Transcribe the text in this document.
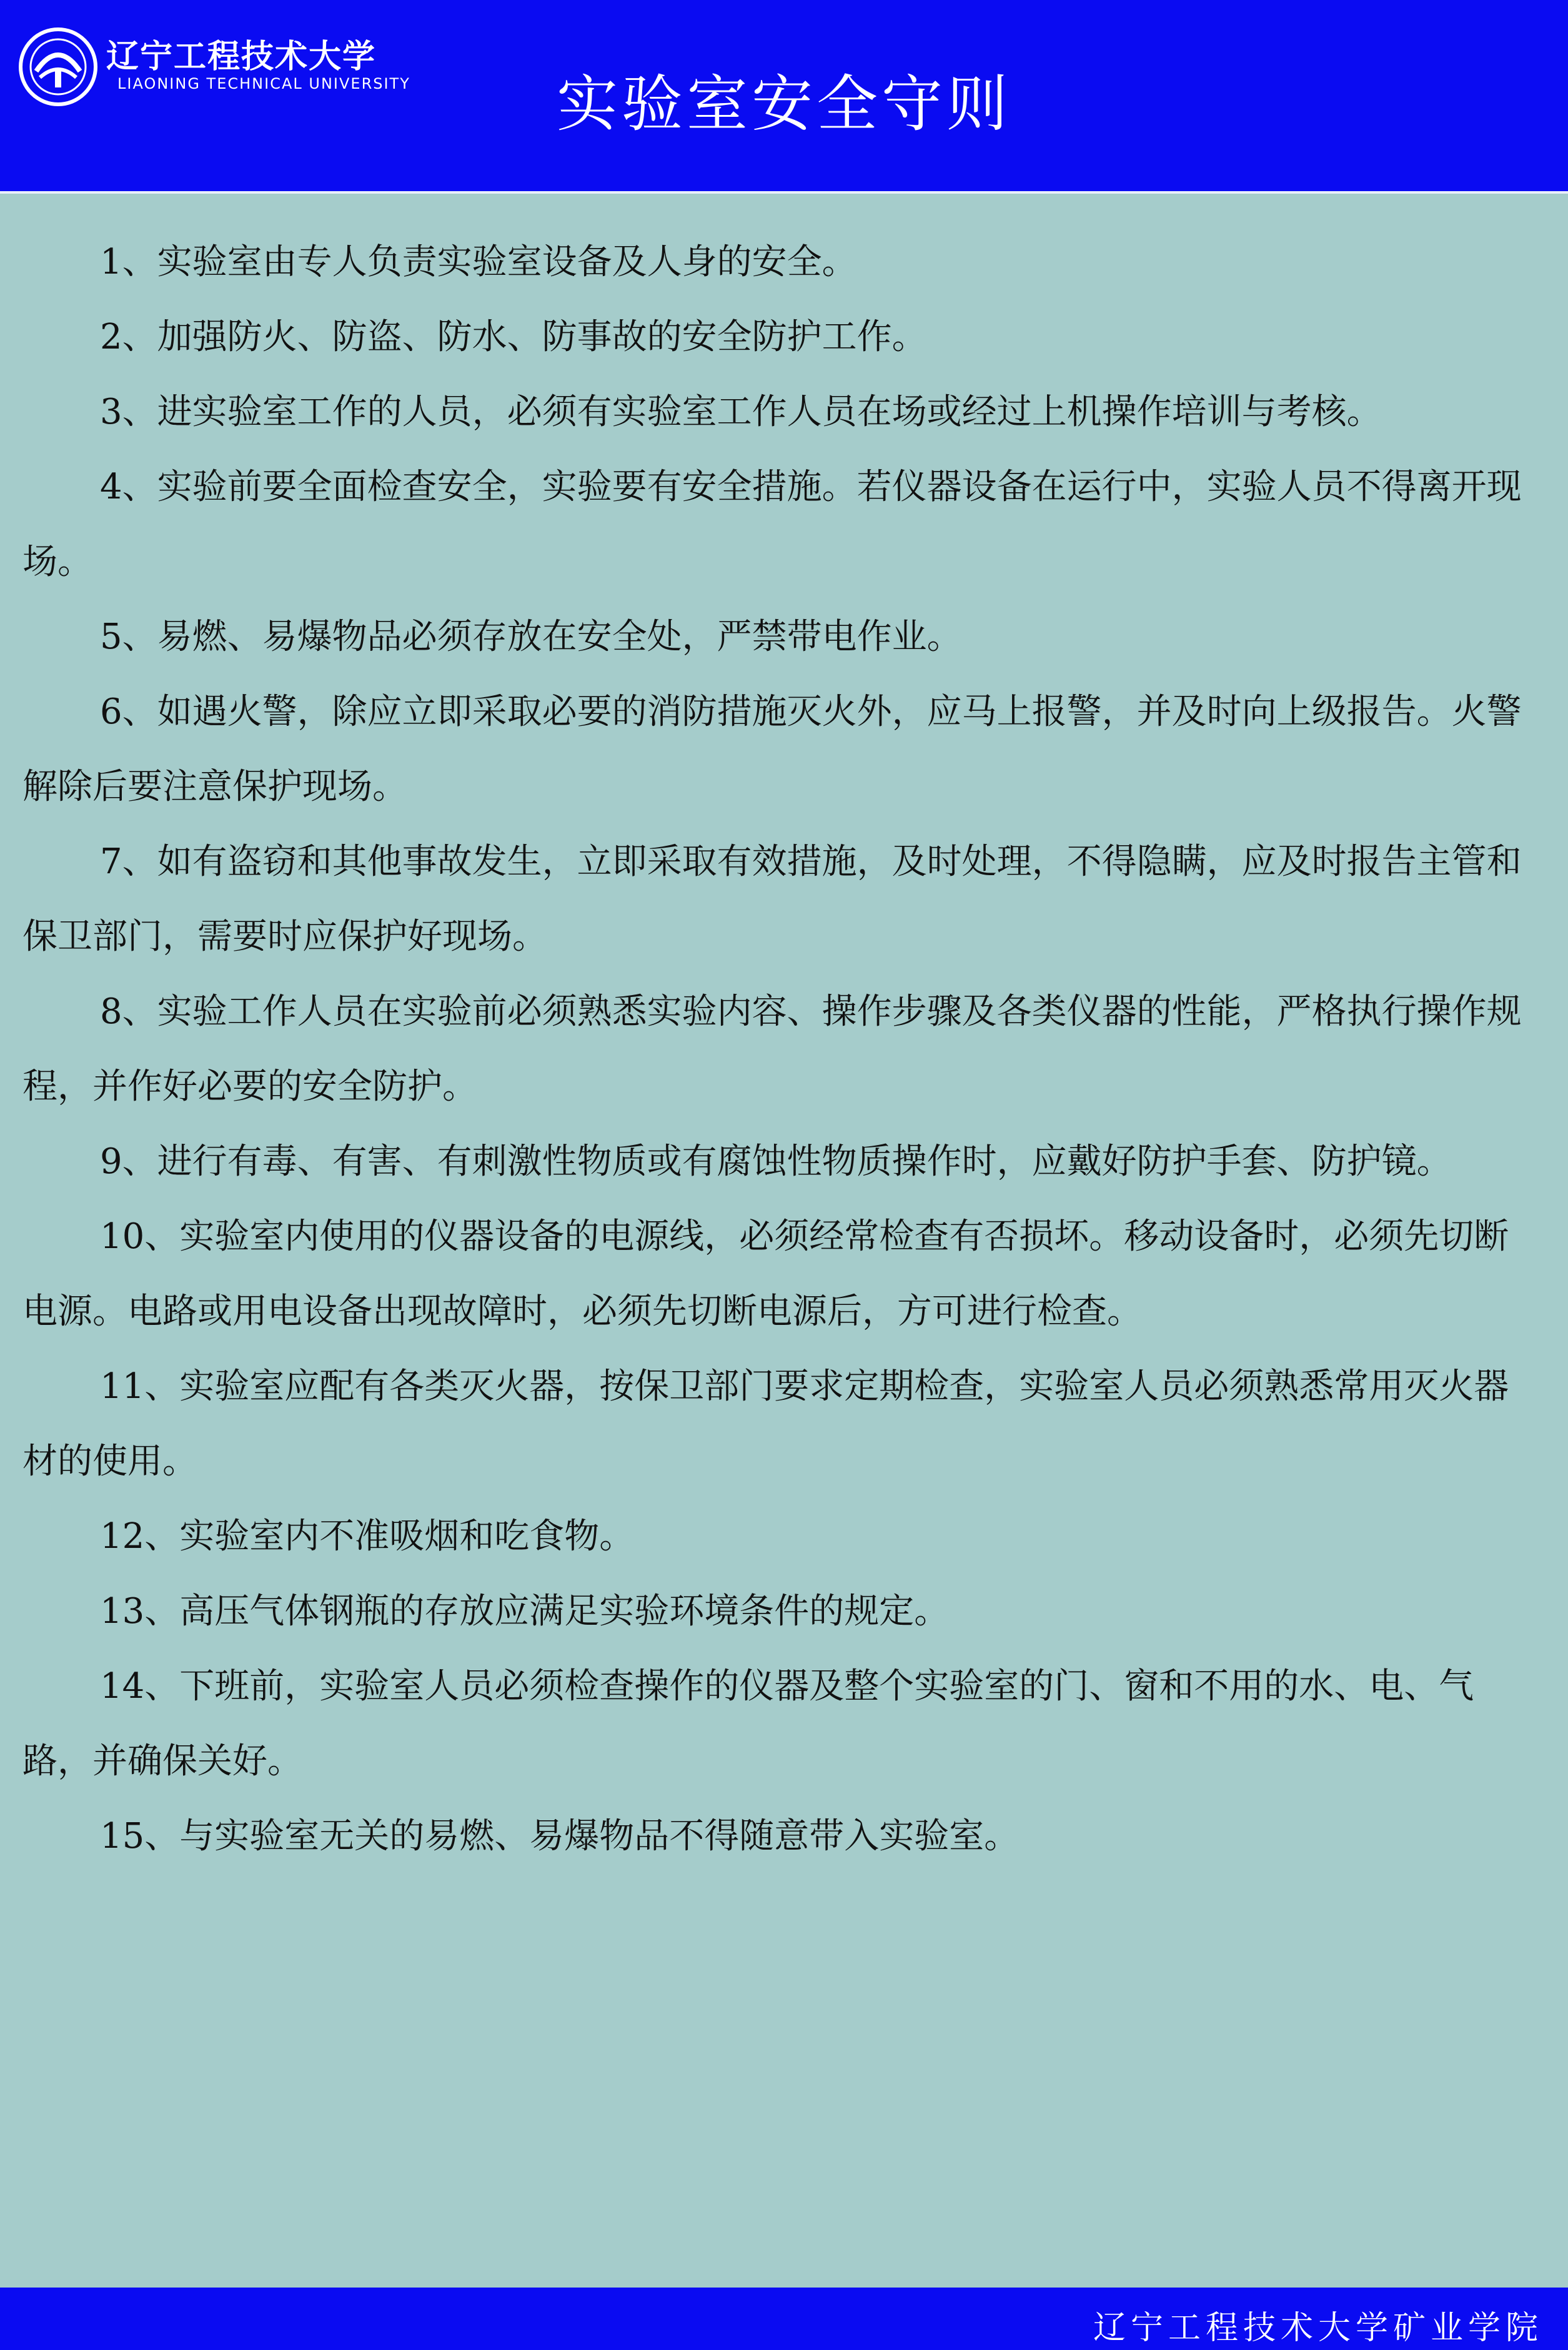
辽宁工程技术大学
LIAONING TECHNICAL UNIVERSITY	实验室安全守则

1、实验室由专人负责实验室设备及人身的安全。

2、加强防火、防盗、防水、防事故的安全防护工作。

3、进实验室工作的人员，必须有实验室工作人员在场或经过上机操作培训与考核。

4、实验前要全面检查安全，实验要有安全措施。若仪器设备在运行中，实验人员不得离开现场。

5、易燃、易爆物品必须存放在安全处，严禁带电作业。

6、如遇火警，除应立即采取必要的消防措施灭火外，应马上报警，并及时向上级报告。火警解除后要注意保护现场。

7、如有盗窃和其他事故发生，立即采取有效措施，及时处理，不得隐瞒，应及时报告主管和保卫部门，需要时应保护好现场。

8、实验工作人员在实验前必须熟悉实验内容、操作步骤及各类仪器的性能，严格执行操作规程，并作好必要的安全防护。

9、进行有毒、有害、有刺激性物质或有腐蚀性物质操作时，应戴好防护手套、防护镜。

10、实验室内使用的仪器设备的电源线，必须经常检查有否损坏。移动设备时，必须先切断电源。电路或用电设备出现故障时，必须先切断电源后，方可进行检查。

11、实验室应配有各类灭火器，按保卫部门要求定期检查，实验室人员必须熟悉常用灭火器材的使用。

12、实验室内不准吸烟和吃食物。

13、高压气体钢瓶的存放应满足实验环境条件的规定。

14、下班前，实验室人员必须检查操作的仪器及整个实验室的门、窗和不用的水、电、气路，并确保关好。

15、与实验室无关的易燃、易爆物品不得随意带入实验室。

辽宁工程技术大学矿业学院
